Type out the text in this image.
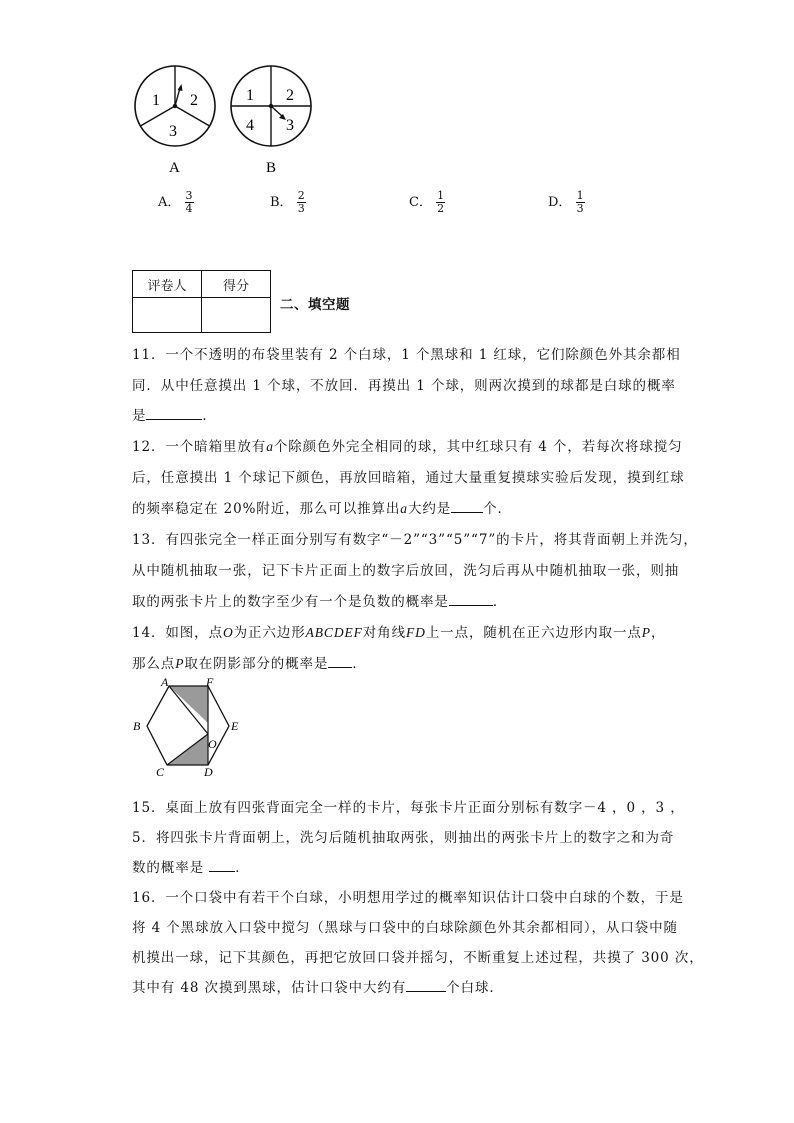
1 2
3
A
1 2
4 3
B
A． $\frac{3}{4}$	B． $\frac{2}{3}$	C． $\frac{1}{2}$	D． $\frac{1}{3}$
评卷人	得分

二、填空题
11．一个不透明的布袋里装有 2 个白球，1 个黑球和 1 红球，它们除颜色外其余都相
同．从中任意摸出 1 个球，不放回．再摸出 1 个球，则两次摸到的球都是白球的概率
是	．
12．一个暗箱里放有a个除颜色外完全相同的球，其中红球只有 4 个，若每次将球搅匀
后，任意摸出 1 个球记下颜色，再放回暗箱，通过大量重复摸球实验后发现，摸到红球
的频率稳定在 20%附近，那么可以推算出a大约是 个．
13．有四张完全一样正面分别写有数字“－2”“3”“5”“7”的卡片，将其背面朝上并洗匀，
从中随机抽取一张，记下卡片正面上的数字后放回，洗匀后再从中随机抽取一张，则抽
取的两张卡片上的数字至少有一个是负数的概率是	．
14．如图，点O为正六边形ABCDEF对角线FD上一点，随机在正六边形内取一点P，
那么点P取在阴影部分的概率是 ．
A	F
B	E
C	D
O
15．桌面上放有四张背面完全一样的卡片，每张卡片正面分别标有数字－4 ，0 ，3 ，
5．将四张卡片背面朝上，洗匀后随机抽取两张，则抽出的两张卡片上的数字之和为奇
数的概率是 ．
16．一个口袋中有若干个白球，小明想用学过的概率知识估计口袋中白球的个数，于是
将 4 个黑球放入口袋中搅匀（黑球与口袋中的白球除颜色外其余都相同），从口袋中随
机摸出一球，记下其颜色，再把它放回口袋并摇匀，不断重复上述过程，共摸了 300 次，
其中有 48 次摸到黑球，估计口袋中大约有	个白球．
